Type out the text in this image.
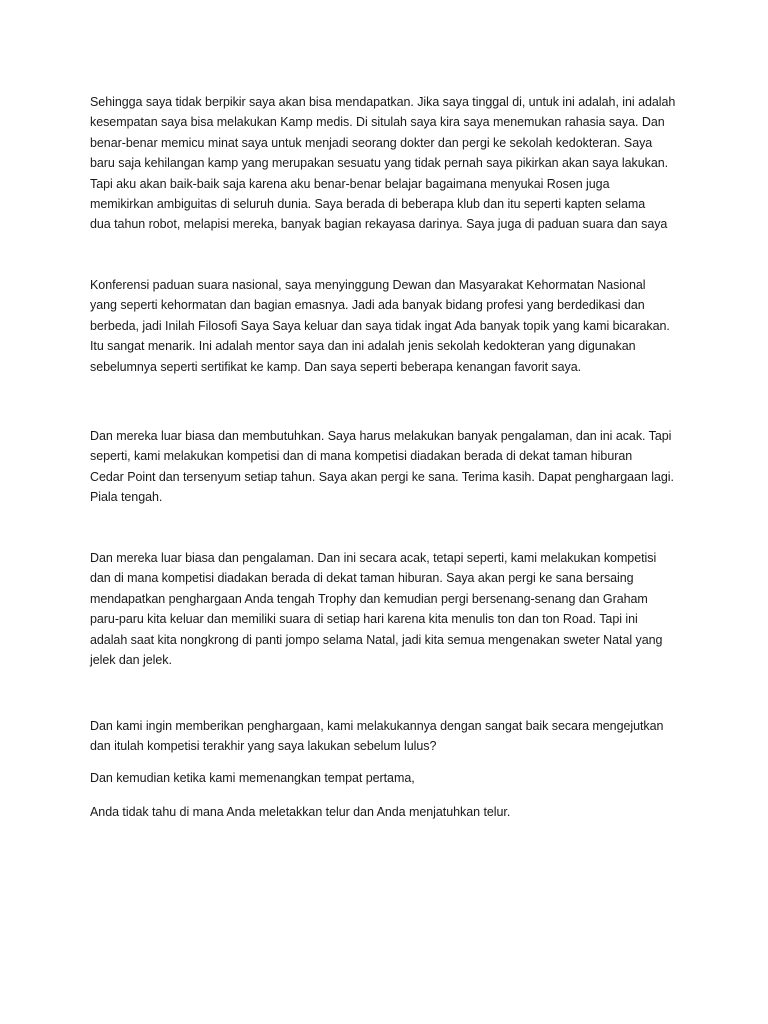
Sehingga saya tidak berpikir saya akan bisa mendapatkan. Jika saya tinggal di, untuk ini adalah, ini adalah

kesempatan saya bisa melakukan Kamp medis. Di situlah saya kira saya menemukan rahasia saya. Dan

benar-benar memicu minat saya untuk menjadi seorang dokter dan pergi ke sekolah kedokteran. Saya

baru saja kehilangan kamp yang merupakan sesuatu yang tidak pernah saya pikirkan akan saya lakukan.

Tapi aku akan baik-baik saja karena aku benar-benar belajar bagaimana menyukai Rosen juga

memikirkan ambiguitas di seluruh dunia. Saya berada di beberapa klub dan itu seperti kapten selama

dua tahun robot, melapisi mereka, banyak bagian rekayasa darinya. Saya juga di paduan suara dan saya

Konferensi paduan suara nasional, saya menyinggung Dewan dan Masyarakat Kehormatan Nasional

yang seperti kehormatan dan bagian emasnya. Jadi ada banyak bidang profesi yang berdedikasi dan

berbeda, jadi Inilah Filosofi Saya Saya keluar dan saya tidak ingat Ada banyak topik yang kami bicarakan.

Itu sangat menarik. Ini adalah mentor saya dan ini adalah jenis sekolah kedokteran yang digunakan

sebelumnya seperti sertifikat ke kamp. Dan saya seperti beberapa kenangan favorit saya.

Dan mereka luar biasa dan membutuhkan. Saya harus melakukan banyak pengalaman, dan ini acak. Tapi

seperti, kami melakukan kompetisi dan di mana kompetisi diadakan berada di dekat taman hiburan

Cedar Point dan tersenyum setiap tahun. Saya akan pergi ke sana. Terima kasih. Dapat penghargaan lagi.

Piala tengah.

Dan mereka luar biasa dan pengalaman. Dan ini secara acak, tetapi seperti, kami melakukan kompetisi

dan di mana kompetisi diadakan berada di dekat taman hiburan. Saya akan pergi ke sana bersaing

mendapatkan penghargaan Anda tengah Trophy dan kemudian pergi bersenang-senang dan Graham

paru-paru kita keluar dan memiliki suara di setiap hari karena kita menulis ton dan ton Road. Tapi ini

adalah saat kita nongkrong di panti jompo selama Natal, jadi kita semua mengenakan sweter Natal yang

jelek dan jelek.

Dan kami ingin memberikan penghargaan, kami melakukannya dengan sangat baik secara mengejutkan

dan itulah kompetisi terakhir yang saya lakukan sebelum lulus?

Dan kemudian ketika kami memenangkan tempat pertama,

Anda tidak tahu di mana Anda meletakkan telur dan Anda menjatuhkan telur.
